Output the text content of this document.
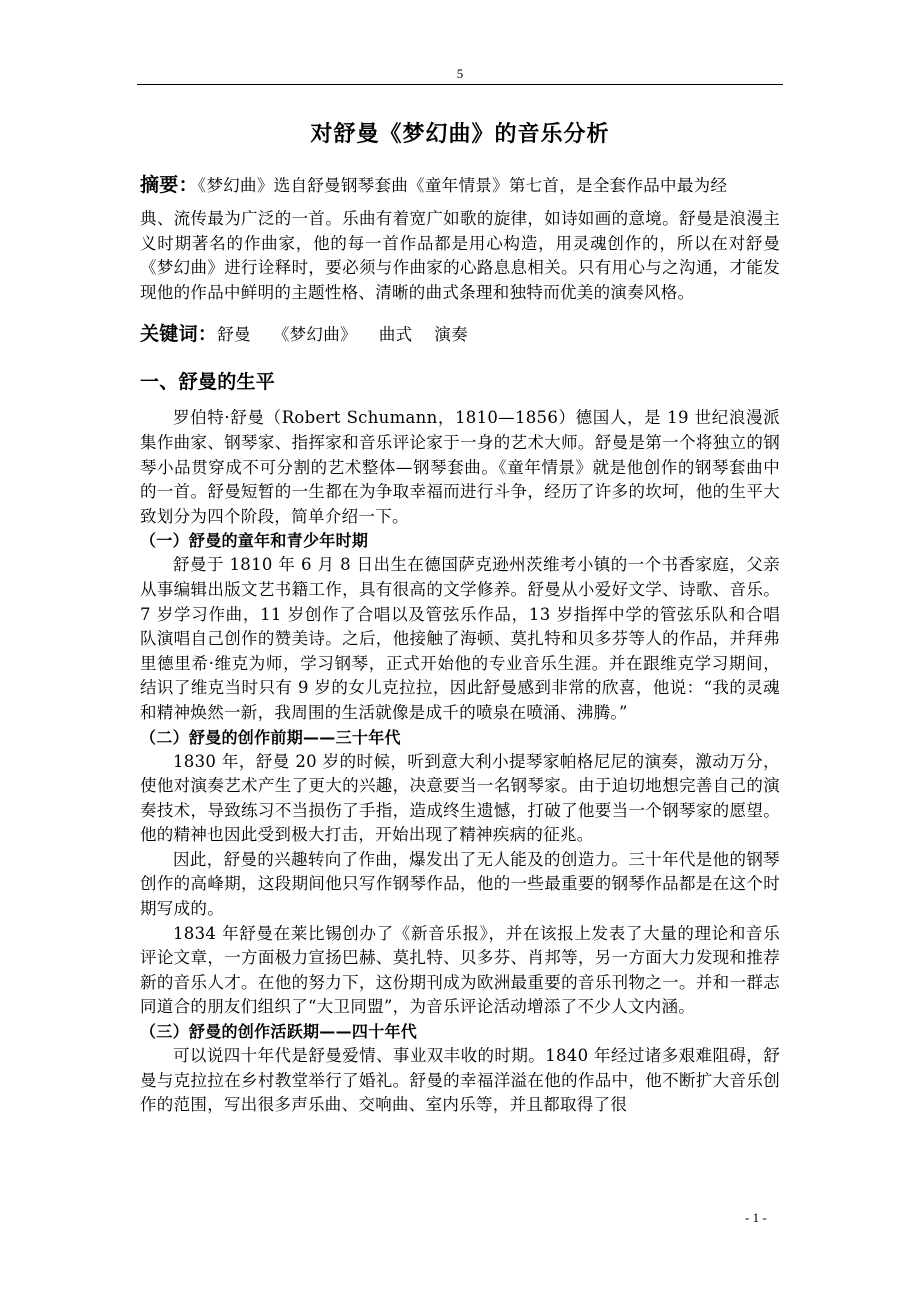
5
对舒曼《梦幻曲》的音乐分析

摘要：《梦幻曲》选自舒曼钢琴套曲《童年情景》第七首，是全套作品中最为经

典、流传最为广泛的一首。乐曲有着宽广如歌的旋律，如诗如画的意境。舒曼是浪漫主义时期著名的作曲家，他的每一首作品都是用心构造，用灵魂创作的，所以在对舒曼《梦幻曲》进行诠释时，要必须与作曲家的心路息息相关。只有用心与之沟通，才能发现他的作品中鲜明的主题性格、清晰的曲式条理和独特而优美的演奏风格。

关键词：舒曼 《梦幻曲》 曲式 演奏

一、舒曼的生平

罗伯特·舒曼（Robert Schumann，1810—1856）德国人，是 19 世纪浪漫派集作曲家、钢琴家、指挥家和音乐评论家于一身的艺术大师。舒曼是第一个将独立的钢琴小品贯穿成不可分割的艺术整体—钢琴套曲。《童年情景》就是他创作的钢琴套曲中的一首。舒曼短暂的一生都在为争取幸福而进行斗争，经历了许多的坎坷，他的生平大致划分为四个阶段，简单介绍一下。

（一）舒曼的童年和青少年时期

舒曼于 1810 年 6 月 8 日出生在德国萨克逊州茨维考小镇的一个书香家庭，父亲从事编辑出版文艺书籍工作，具有很高的文学修养。舒曼从小爱好文学、诗歌、音乐。7 岁学习作曲，11 岁创作了合唱以及管弦乐作品，13 岁指挥中学的管弦乐队和合唱队演唱自己创作的赞美诗。之后，他接触了海顿、莫扎特和贝多芬等人的作品，并拜弗里德里希·维克为师，学习钢琴，正式开始他的专业音乐生涯。并在跟维克学习期间，结识了维克当时只有 9 岁的女儿克拉拉，因此舒曼感到非常的欣喜，他说：“我的灵魂和精神焕然一新，我周围的生活就像是成千的喷泉在喷涌、沸腾。”

（二）舒曼的创作前期——三十年代

1830 年，舒曼 20 岁的时候，听到意大利小提琴家帕格尼尼的演奏，激动万分，使他对演奏艺术产生了更大的兴趣，决意要当一名钢琴家。由于迫切地想完善自己的演奏技术，导致练习不当损伤了手指，造成终生遗憾，打破了他要当一个钢琴家的愿望。他的精神也因此受到极大打击，开始出现了精神疾病的征兆。

因此，舒曼的兴趣转向了作曲，爆发出了无人能及的创造力。三十年代是他的钢琴创作的高峰期，这段期间他只写作钢琴作品，他的一些最重要的钢琴作品都是在这个时期写成的。

1834 年舒曼在莱比锡创办了《新音乐报》，并在该报上发表了大量的理论和音乐评论文章，一方面极力宣扬巴赫、莫扎特、贝多芬、肖邦等，另一方面大力发现和推荐新的音乐人才。在他的努力下，这份期刊成为欧洲最重要的音乐刊物之一。并和一群志同道合的朋友们组织了“大卫同盟”，为音乐评论活动增添了不少人文内涵。

（三）舒曼的创作活跃期——四十年代

可以说四十年代是舒曼爱情、事业双丰收的时期。1840 年经过诸多艰难阻碍，舒曼与克拉拉在乡村教堂举行了婚礼。舒曼的幸福洋溢在他的作品中，他不断扩大音乐创作的范围，写出很多声乐曲、交响曲、室内乐等，并且都取得了很

- 1 -
